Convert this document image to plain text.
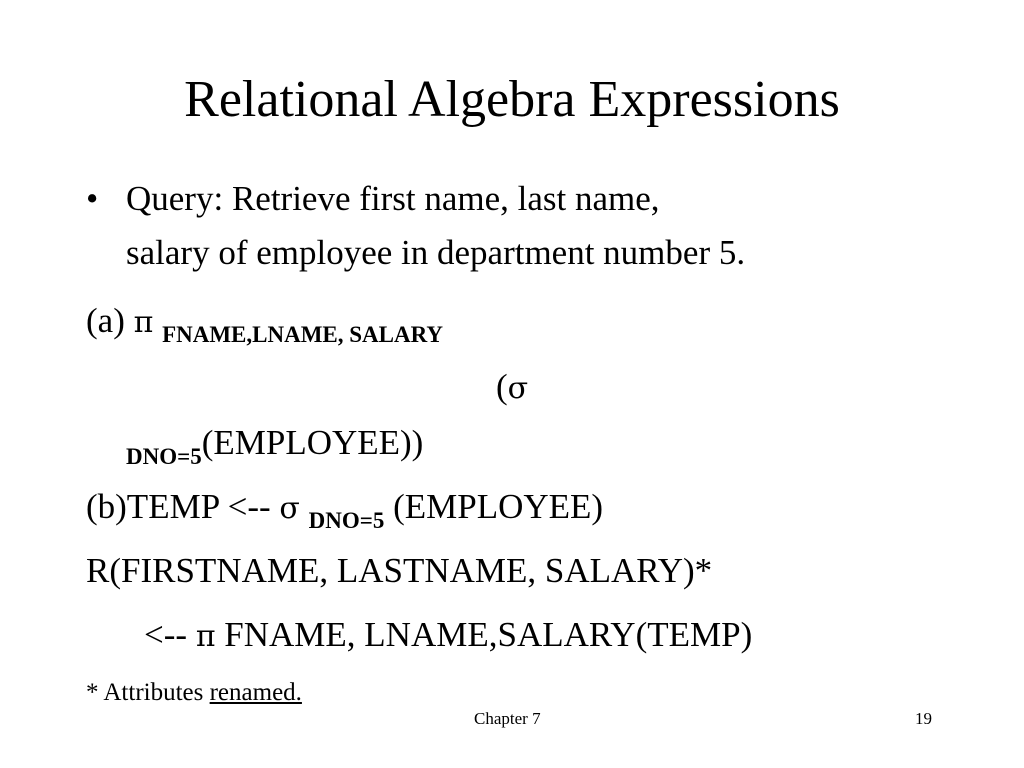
Relational Algebra Expressions
• Query: Retrieve first name, last name,
salary of employee in department number 5.
(a) π $_{FNAME,LNAME, SALARY}$
(σ
$_{DNO=5}$(EMPLOYEE))
(b)TEMP <-- σ $_{DNO=5}$ (EMPLOYEE)
R(FIRSTNAME, LASTNAME, SALARY)*
<-- π FNAME, LNAME,SALARY(TEMP)
* Attributes renamed.
Chapter 7	19
